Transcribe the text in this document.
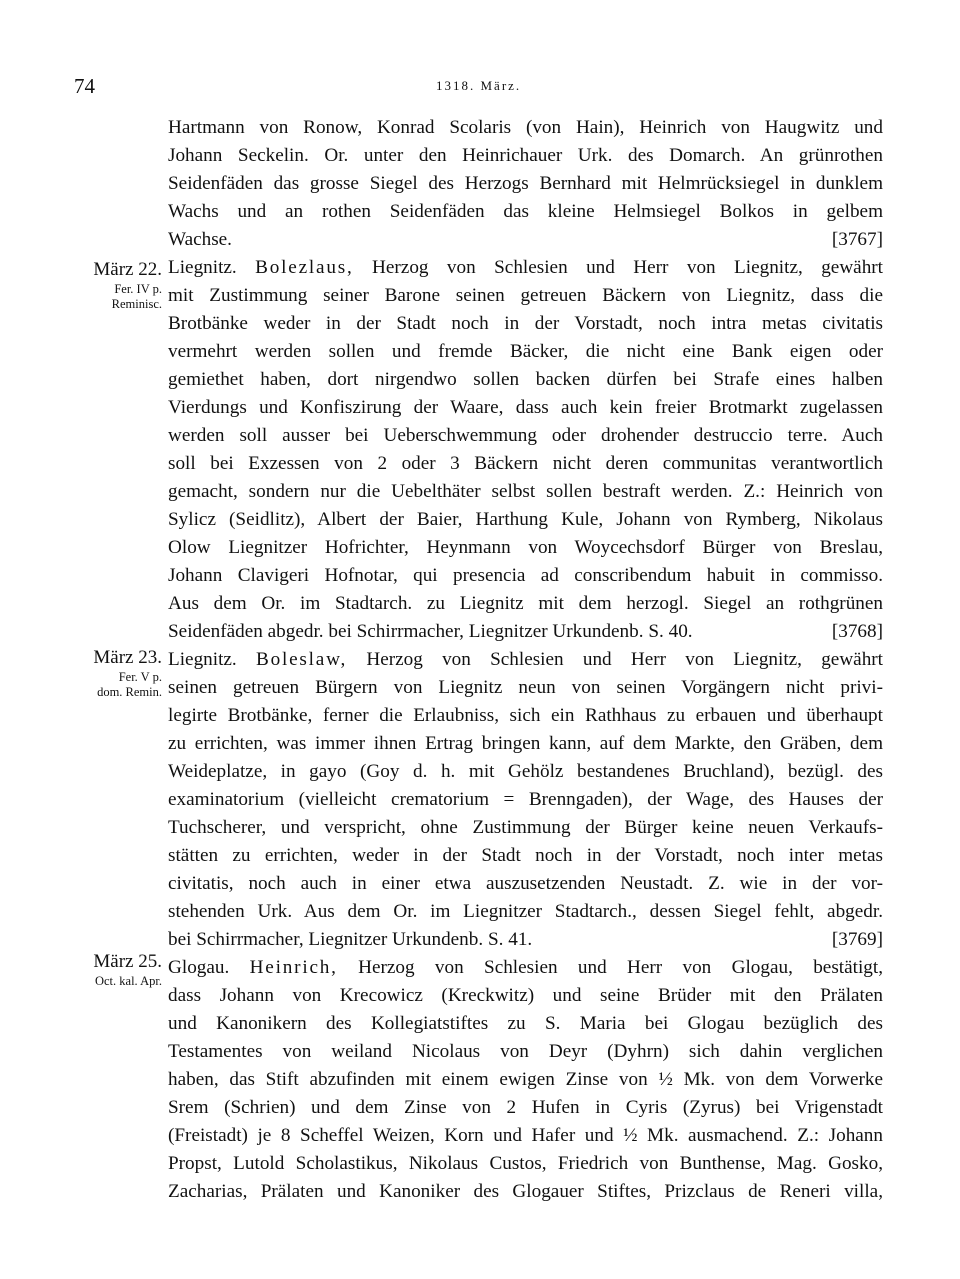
74	1318. März.
März 22.
Fer. IV p.
Reminisc.
März 23.
Fer. V p.
dom. Remin.
März 25.
Oct. kal. Apr.
Hartmann von Ronow, Konrad Scolaris (von Hain), Heinrich von Haugwitz und
Johann Seckelin. Or. unter den Heinrichauer Urk. des Domarch. An grünrothen
Seidenfäden das grosse Siegel des Herzogs Bernhard mit Helmrücksiegel in dunklem
Wachs und an rothen Seidenfäden das kleine Helmsiegel Bolkos in gelbem
Wachse.	[3767]
Liegnitz. Bolezlaus, Herzog von Schlesien und Herr von Liegnitz, gewährt
mit Zustimmung seiner Barone seinen getreuen Bäckern von Liegnitz, dass die
Brotbänke weder in der Stadt noch in der Vorstadt, noch intra metas civitatis
vermehrt werden sollen und fremde Bäcker, die nicht eine Bank eigen oder
gemiethet haben, dort nirgendwo sollen backen dürfen bei Strafe eines halben
Vierdungs und Konfiszirung der Waare, dass auch kein freier Brotmarkt zugelassen
werden soll ausser bei Ueberschwemmung oder drohender destruccio terre. Auch
soll bei Exzessen von 2 oder 3 Bäckern nicht deren communitas verantwortlich
gemacht, sondern nur die Uebelthäter selbst sollen bestraft werden. Z.: Heinrich von
Sylicz (Seidlitz), Albert der Baier, Harthung Kule, Johann von Rymberg, Nikolaus
Olow Liegnitzer Hofrichter, Heynmann von Woycechsdorf Bürger von Breslau,
Johann Clavigeri Hofnotar, qui presencia ad conscribendum habuit in commisso.
Aus dem Or. im Stadtarch. zu Liegnitz mit dem herzogl. Siegel an rothgrünen
Seidenfäden abgedr. bei Schirrmacher, Liegnitzer Urkundenb. S. 40.	[3768]
Liegnitz. Boleslaw, Herzog von Schlesien und Herr von Liegnitz, gewährt
seinen getreuen Bürgern von Liegnitz neun von seinen Vorgängern nicht privi-
legirte Brotbänke, ferner die Erlaubniss, sich ein Rathhaus zu erbauen und überhaupt
zu errichten, was immer ihnen Ertrag bringen kann, auf dem Markte, den Gräben, dem
Weideplatze, in gayo (Goy d. h. mit Gehölz bestandenes Bruchland), bezügl. des
examinatorium (vielleicht crematorium = Brenngaden), der Wage, des Hauses der
Tuchscherer, und verspricht, ohne Zustimmung der Bürger keine neuen Verkaufs-
stätten zu errichten, weder in der Stadt noch in der Vorstadt, noch inter metas
civitatis, noch auch in einer etwa auszusetzenden Neustadt. Z. wie in der vor-
stehenden Urk. Aus dem Or. im Liegnitzer Stadtarch., dessen Siegel fehlt, abgedr.
bei Schirrmacher, Liegnitzer Urkundenb. S. 41.	[3769]
Glogau. Heinrich, Herzog von Schlesien und Herr von Glogau, bestätigt,
dass Johann von Krecowicz (Kreckwitz) und seine Brüder mit den Prälaten
und Kanonikern des Kollegiatstiftes zu S. Maria bei Glogau bezüglich des
Testamentes von weiland Nicolaus von Deyr (Dyhrn) sich dahin verglichen
haben, das Stift abzufinden mit einem ewigen Zinse von ½ Mk. von dem Vorwerke
Srem (Schrien) und dem Zinse von 2 Hufen in Cyris (Zyrus) bei Vrigenstadt
(Freistadt) je 8 Scheffel Weizen, Korn und Hafer und ½ Mk. ausmachend. Z.: Johann
Propst, Lutold Scholastikus, Nikolaus Custos, Friedrich von Bunthense, Mag. Gosko,
Zacharias, Prälaten und Kanoniker des Glogauer Stiftes, Prizclaus de Reneri villa,
